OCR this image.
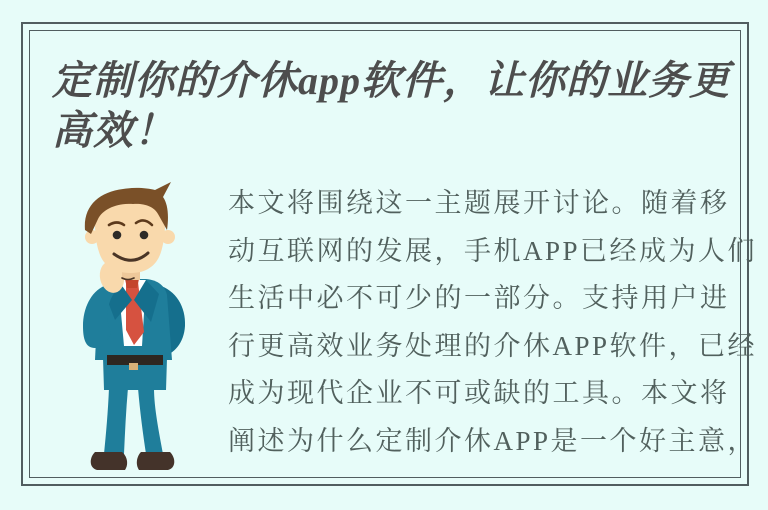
定制你的介休app软件，让你的业务更高效！
本文将围绕这一主题展开讨论。随着移
动互联网的发展，手机APP已经成为人们
生活中必不可少的一部分。支持用户进
行更高效业务处理的介休APP软件，已经
成为现代企业不可或缺的工具。本文将
阐述为什么定制介休APP是一个好主意，
